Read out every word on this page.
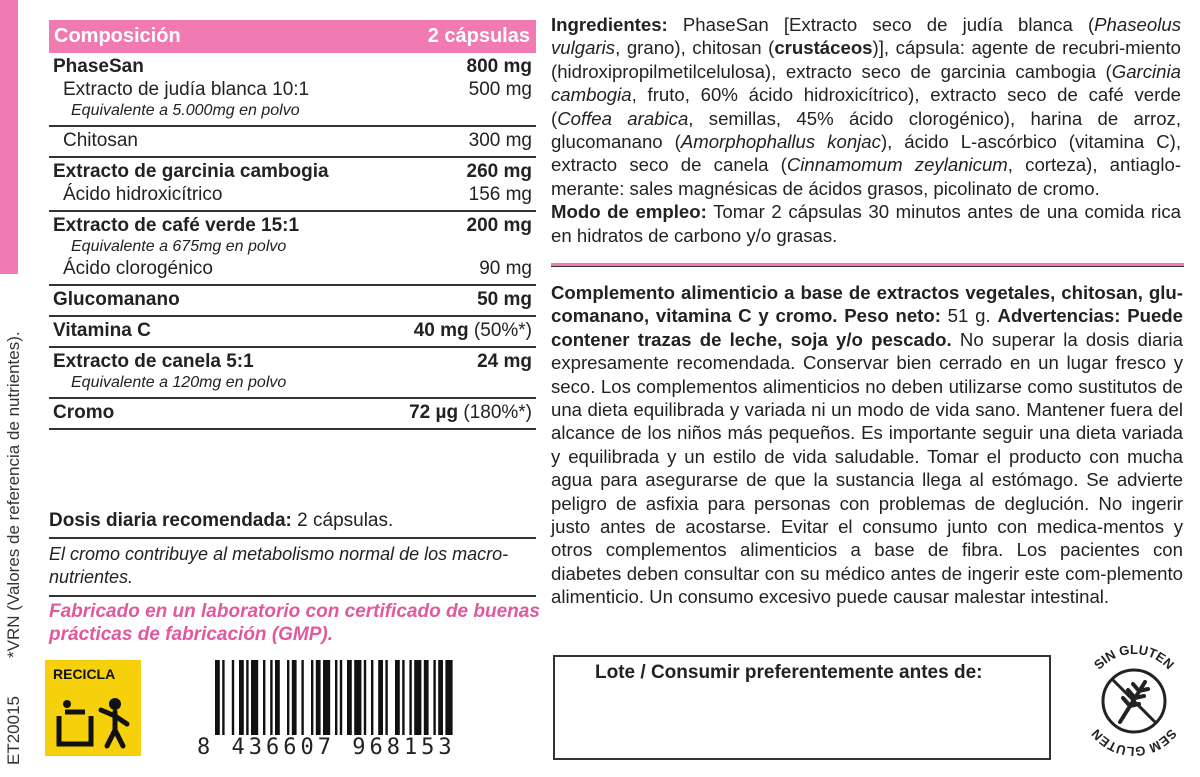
*VRN (Valores de referencia de nutrientes).
ET20015
Composición	2 cápsulas
PhaseSan	800 mg
Extracto de judía blanca 10:1	500 mg
Equivalente a 5.000mg en polvo
Chitosan	300 mg
Extracto de garcinia cambogia	260 mg
Ácido hidroxicítrico	156 mg
Extracto de café verde 15:1	200 mg
Equivalente a 675mg en polvo
Ácido clorogénico	90 mg
Glucomanano	50 mg
Vitamina C	40 mg (50%*)
Extracto de canela 5:1	24 mg
Equivalente a 120mg en polvo
Cromo	72 µg (180%*)
Dosis diaria recomendada: 2 cápsulas.
El cromo contribuye al metabolismo normal de los macro-nutrientes.
Fabricado en un laboratorio con certificado de buenas prácticas de fabricación (GMP).
RECICLA
8 436607 968153

Ingredientes: PhaseSan [Extracto seco de judía blanca (Phaseolus vulgaris, grano), chitosan (crustáceos)], cápsula: agente de recubri-miento (hidroxipropilmetilcelulosa), extracto seco de garcinia cambogia (Garcinia cambogia, fruto, 60% ácido hidroxicítrico), extracto seco de café verde (Coffea arabica, semillas, 45% ácido clorogénico), harina de arroz, glucomanano (Amorphophallus konjac), ácido L-ascórbico (vitamina C), extracto seco de canela (Cinnamomum zeylanicum, corteza), antiaglo-merante: sales magnésicas de ácidos grasos, picolinato de cromo.

Modo de empleo: Tomar 2 cápsulas 30 minutos antes de una comida rica en hidratos de carbono y/o grasas.

Complemento alimenticio a base de extractos vegetales, chitosan, glu-comanano, vitamina C y cromo. Peso neto: 51 g. Advertencias: Puede contener trazas de leche, soja y/o pescado. No superar la dosis diaria expresamente recomendada. Conservar bien cerrado en un lugar fresco y seco. Los complementos alimenticios no deben utilizarse como sustitutos de una dieta equilibrada y variada ni un modo de vida sano. Mantener fuera del alcance de los niños más pequeños. Es importante seguir una dieta variada y equilibrada y un estilo de vida saludable. Tomar el producto con mucha agua para asegurarse de que la sustancia llega al estómago. Se advierte peligro de asfixia para personas con problemas de deglución. No ingerir justo antes de acostarse. Evitar el consumo junto con medica-mentos y otros complementos alimenticios a base de fibra. Los pacientes con diabetes deben consultar con su médico antes de ingerir este com-plemento alimenticio. Un consumo excesivo puede causar malestar intestinal.
Lote / Consumir preferentemente antes de:	SIN GLUTEN
SEM GLUTEN
